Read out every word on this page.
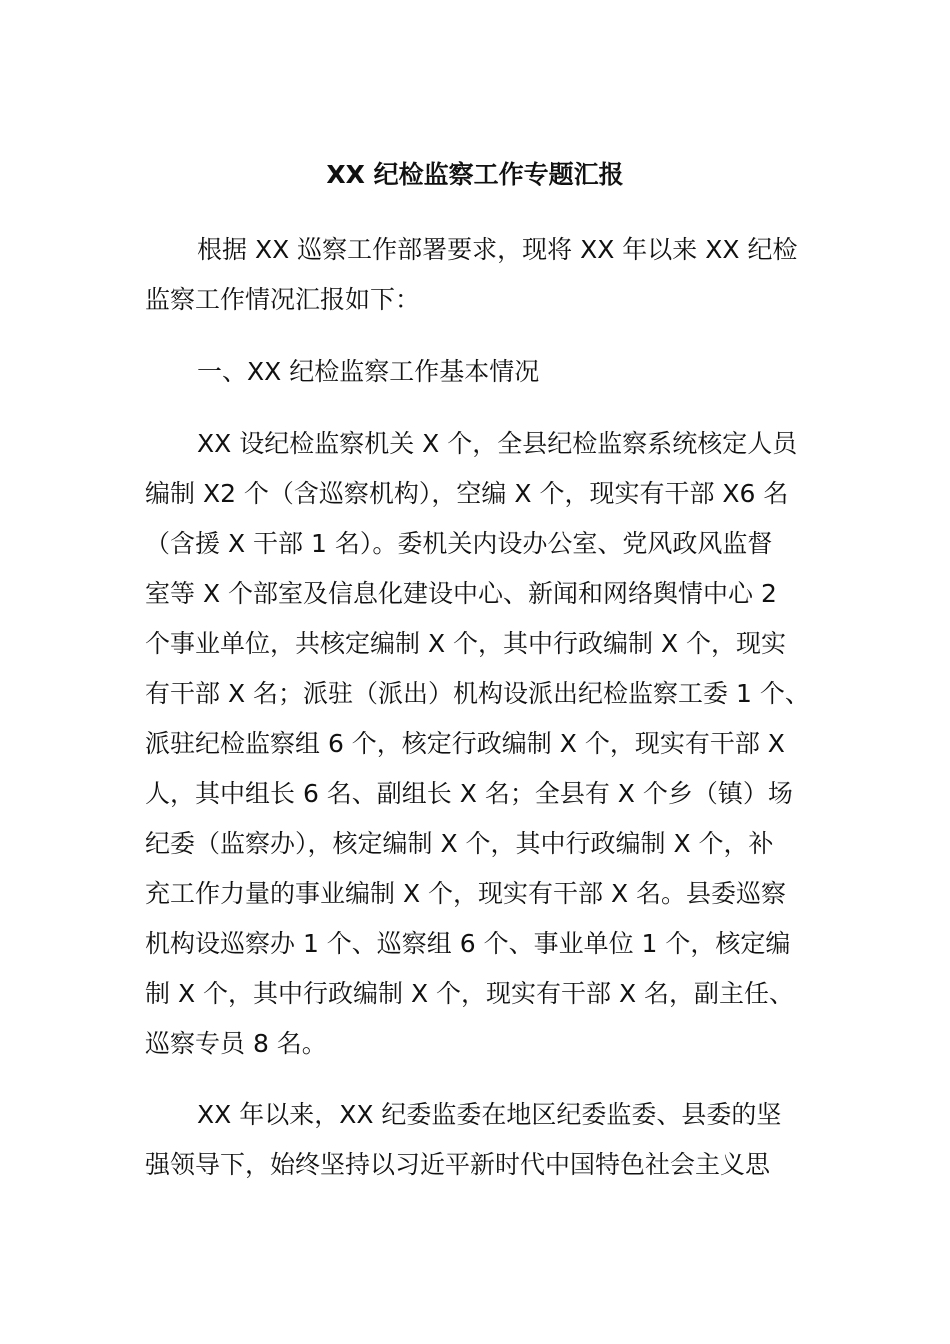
XX 纪检监察工作专题汇报
根据 XX 巡察工作部署要求，现将 XX 年以来 XX 纪检
监察工作情况汇报如下：
一、XX 纪检监察工作基本情况
XX 设纪检监察机关 X 个，全县纪检监察系统核定人员
编制 X2 个（含巡察机构），空编 X 个，现实有干部 X6 名
（含援 X 干部 1 名）。委机关内设办公室、党风政风监督
室等 X 个部室及信息化建设中心、新闻和网络舆情中心 2
个事业单位，共核定编制 X 个，其中行政编制 X 个，现实
有干部 X 名；派驻（派出）机构设派出纪检监察工委 1 个、
派驻纪检监察组 6 个，核定行政编制 X 个，现实有干部 X
人，其中组长 6 名、副组长 X 名；全县有 X 个乡（镇）场
纪委（监察办），核定编制 X 个，其中行政编制 X 个，补
充工作力量的事业编制 X 个，现实有干部 X 名。县委巡察
机构设巡察办 1 个、巡察组 6 个、事业单位 1 个，核定编
制 X 个，其中行政编制 X 个，现实有干部 X 名，副主任、
巡察专员 8 名。
XX 年以来，XX 纪委监委在地区纪委监委、县委的坚
强领导下，始终坚持以习近平新时代中国特色社会主义思
